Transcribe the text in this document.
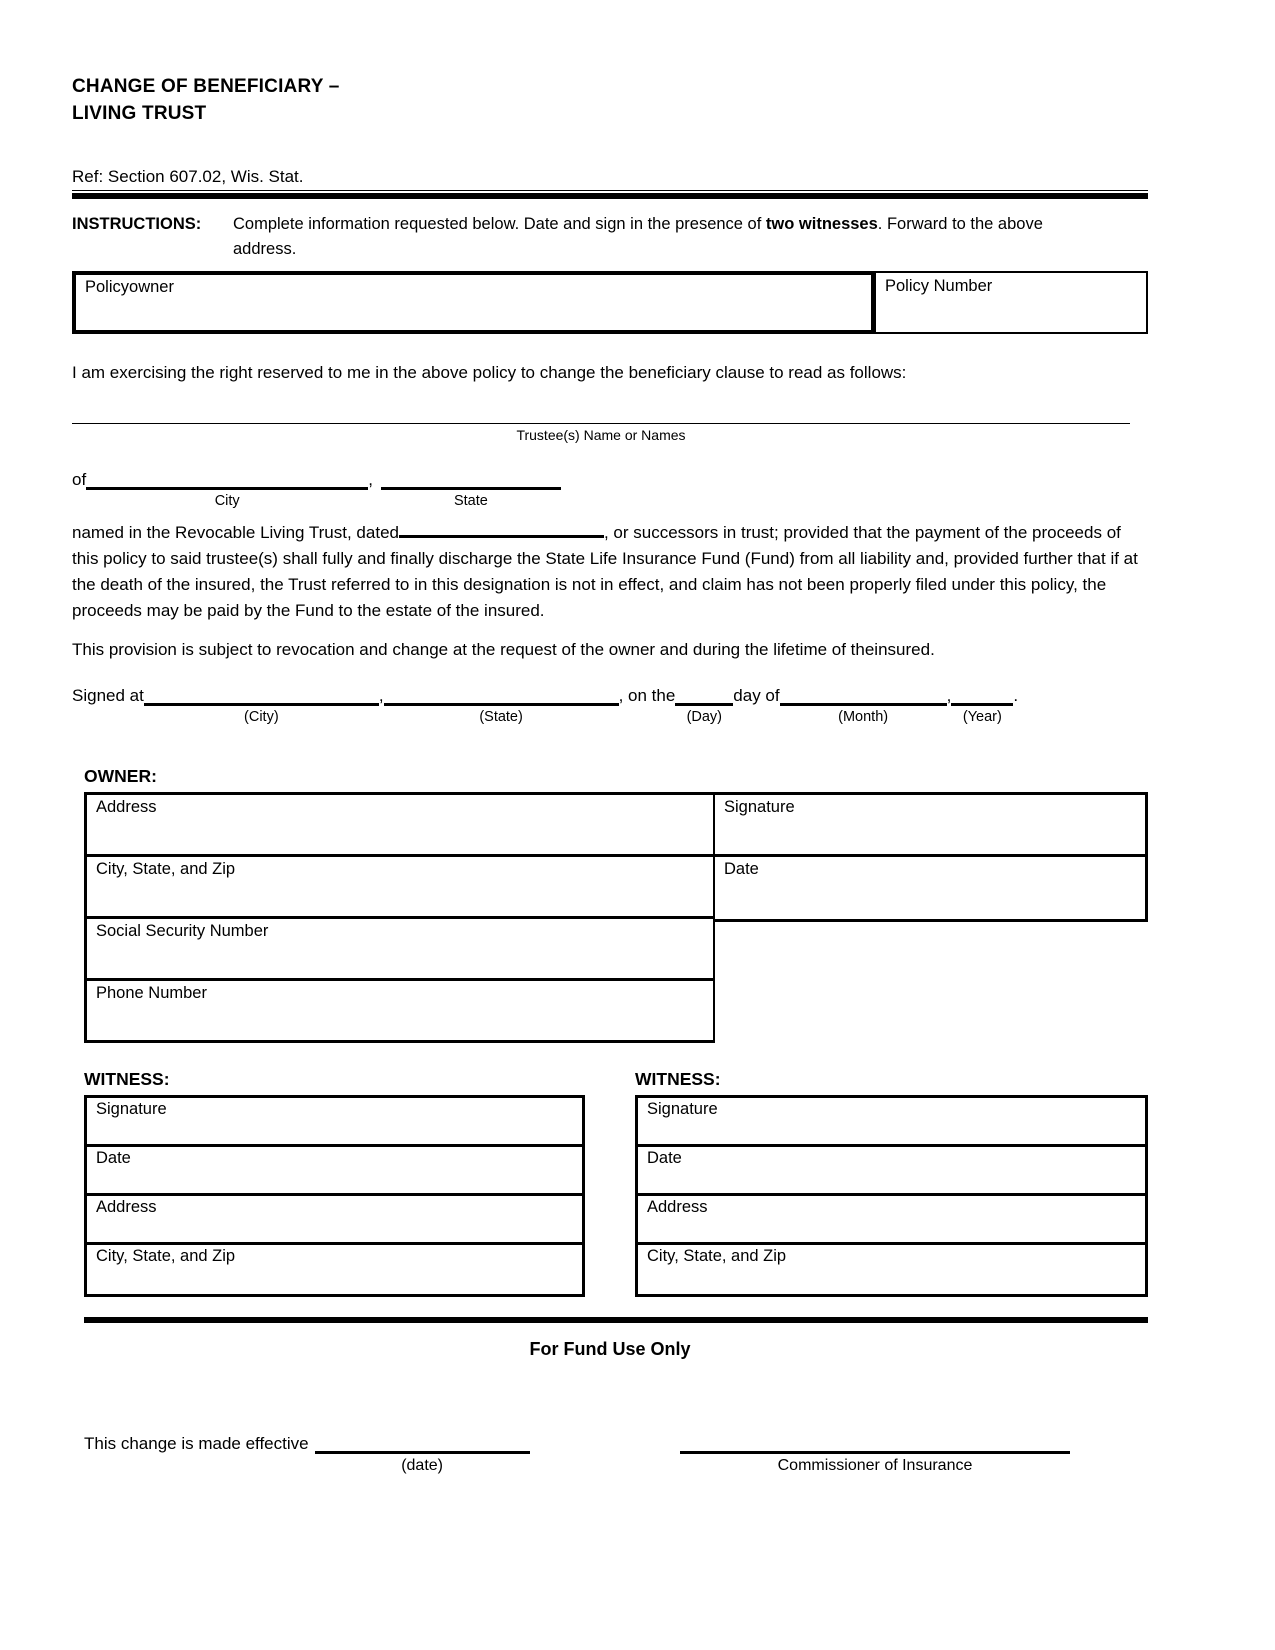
CHANGE OF BENEFICIARY –
LIVING TRUST
Ref: Section 607.02, Wis. Stat.
INSTRUCTIONS:	Complete information requested below. Date and sign in the presence of two witnesses. Forward to the above
address.
Policyowner	Policy Number

I am exercising the right reserved to me in the above policy to change the beneficiary clause to read as follows:

Trustee(s) Name or Names
of
City
,
State

named in the Revocable Living Trust, dated	, or successors in trust; provided that the payment of the proceeds of this policy to said trustee(s) shall fully and finally discharge the State Life Insurance Fund (Fund) from all liability and, provided further that if at the death of the insured, the Trust referred to in this designation is not in effect, and claim has not been properly filed under this policy, the proceeds may be paid by the Fund to the estate of the insured.

This provision is subject to revocation and change at the request of the owner and during the lifetime of theinsured.

Signed at
(City)
,
(State)
, on the
(Day)
day of
(Month)
,
(Year)
.
OWNER:
Address
City, State, and Zip
Social Security Number
Phone Number
Signature
Date
WITNESS:
Signature
Date
Address
City, State, and Zip
WITNESS:
Signature
Date
Address
City, State, and Zip
For Fund Use Only
This change is made effective
(date)	Commissioner of Insurance
